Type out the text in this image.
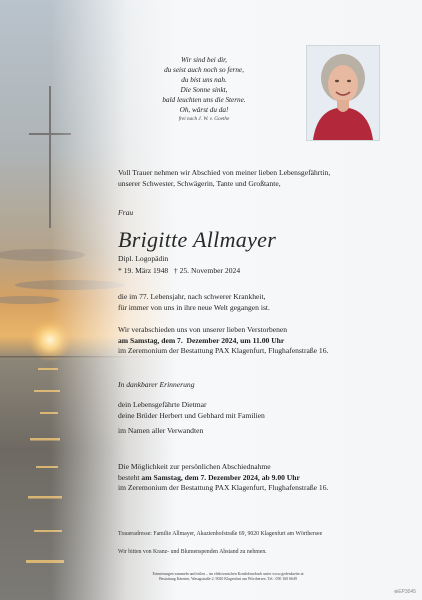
Wir sind bei dir,
du seist auch noch so ferne,
du bist uns nah.
Die Sonne sinkt,
bald leuchten uns die Sterne.
Oh, wärst du da!
frei nach J. W. v. Goethe
Voll Trauer nehmen wir Abschied von meiner lieben Lebensgefährtin,
unserer Schwester, Schwägerin, Tante und Großtante,
Frau
Brigitte Allmayer
Dipl. Logopädin
* 19. März 1948   † 25. November 2024
die im 77. Lebensjahr, nach schwerer Krankheit,
für immer von uns in ihre neue Welt gegangen ist.
Wir verabschieden uns von unserer lieben Verstorbenen
am Samstag, dem 7.  Dezember 2024, um 11.00 Uhr
im Zeremonium der Bestattung PAX Klagenfurt, Flughafenstraße 16.
In dankbarer Erinnerung
dein Lebensgefährte Dietmar
deine Brüder Herbert und Gebhard mit Familien
im Namen aller Verwandten
Die Möglichkeit zur persönlichen Abschiednahme
besteht am Samstag, dem 7. Dezember 2024, ab 9.00 Uhr
im Zeremonium der Bestattung PAX Klagenfurt, Flughafenstraße 16.
Traueradresse: Familie Allmayer, Akazienhofstraße 69, 9020 Klagenfurt am Wörthersee
Wir bitten von Kranz- und Blumenspenden Abstand zu nehmen.
Erinnerungen sammeln und teilen – im elektronischen Kondolenzbuch unter www.gedenkseite.at
Bestattung Kärnten, Wasagstraße 2, 9020 Klagenfurt am Wörthersee, Tel.: 050 160 6649
⊕EP3045
